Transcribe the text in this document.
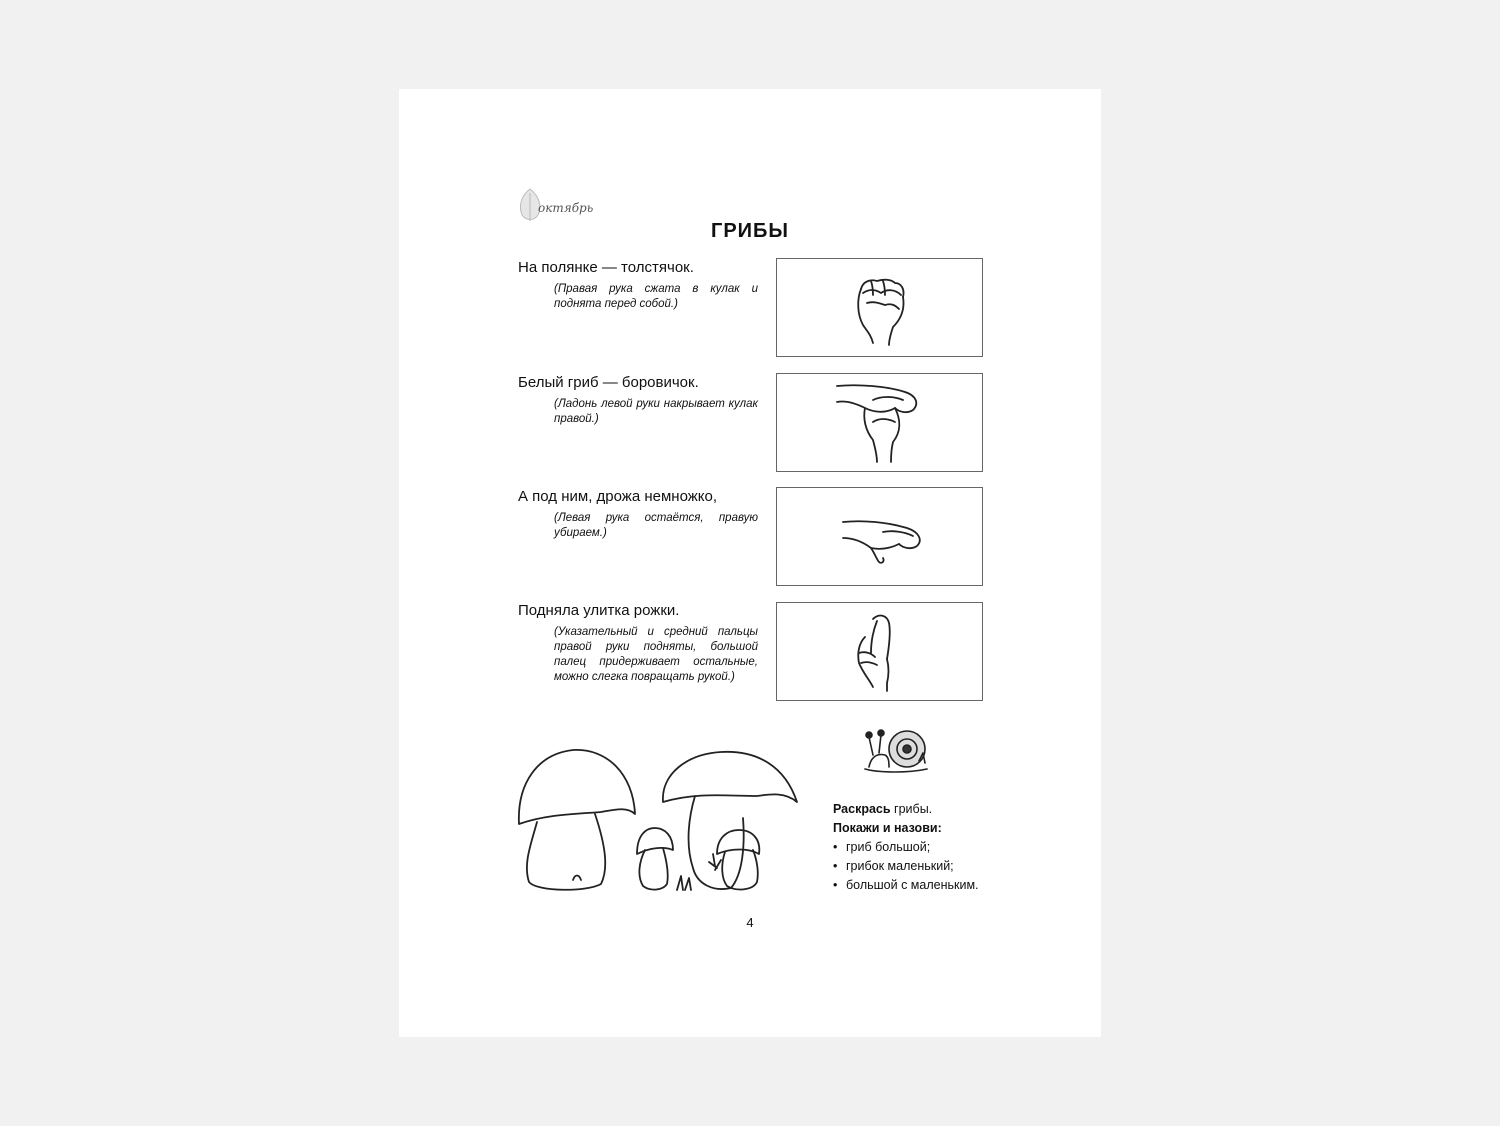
октябрь
ГРИБЫ
На полянке — толстячок.
(Правая рука сжата в кулак и поднята перед собой.)
Белый гриб — боровичок.
(Ладонь левой руки накрывает кулак правой.)
А под ним, дрожа немножко,
(Левая рука остаётся, правую убираем.)
Подняла улитка рожки.
(Указательный и средний пальцы правой руки подняты, большой палец придерживает остальные, можно слегка повращать рукой.)
Раскрась грибы.
Покажи и назови:
• гриб большой;
• грибок маленький;
• большой с маленьким.
4
